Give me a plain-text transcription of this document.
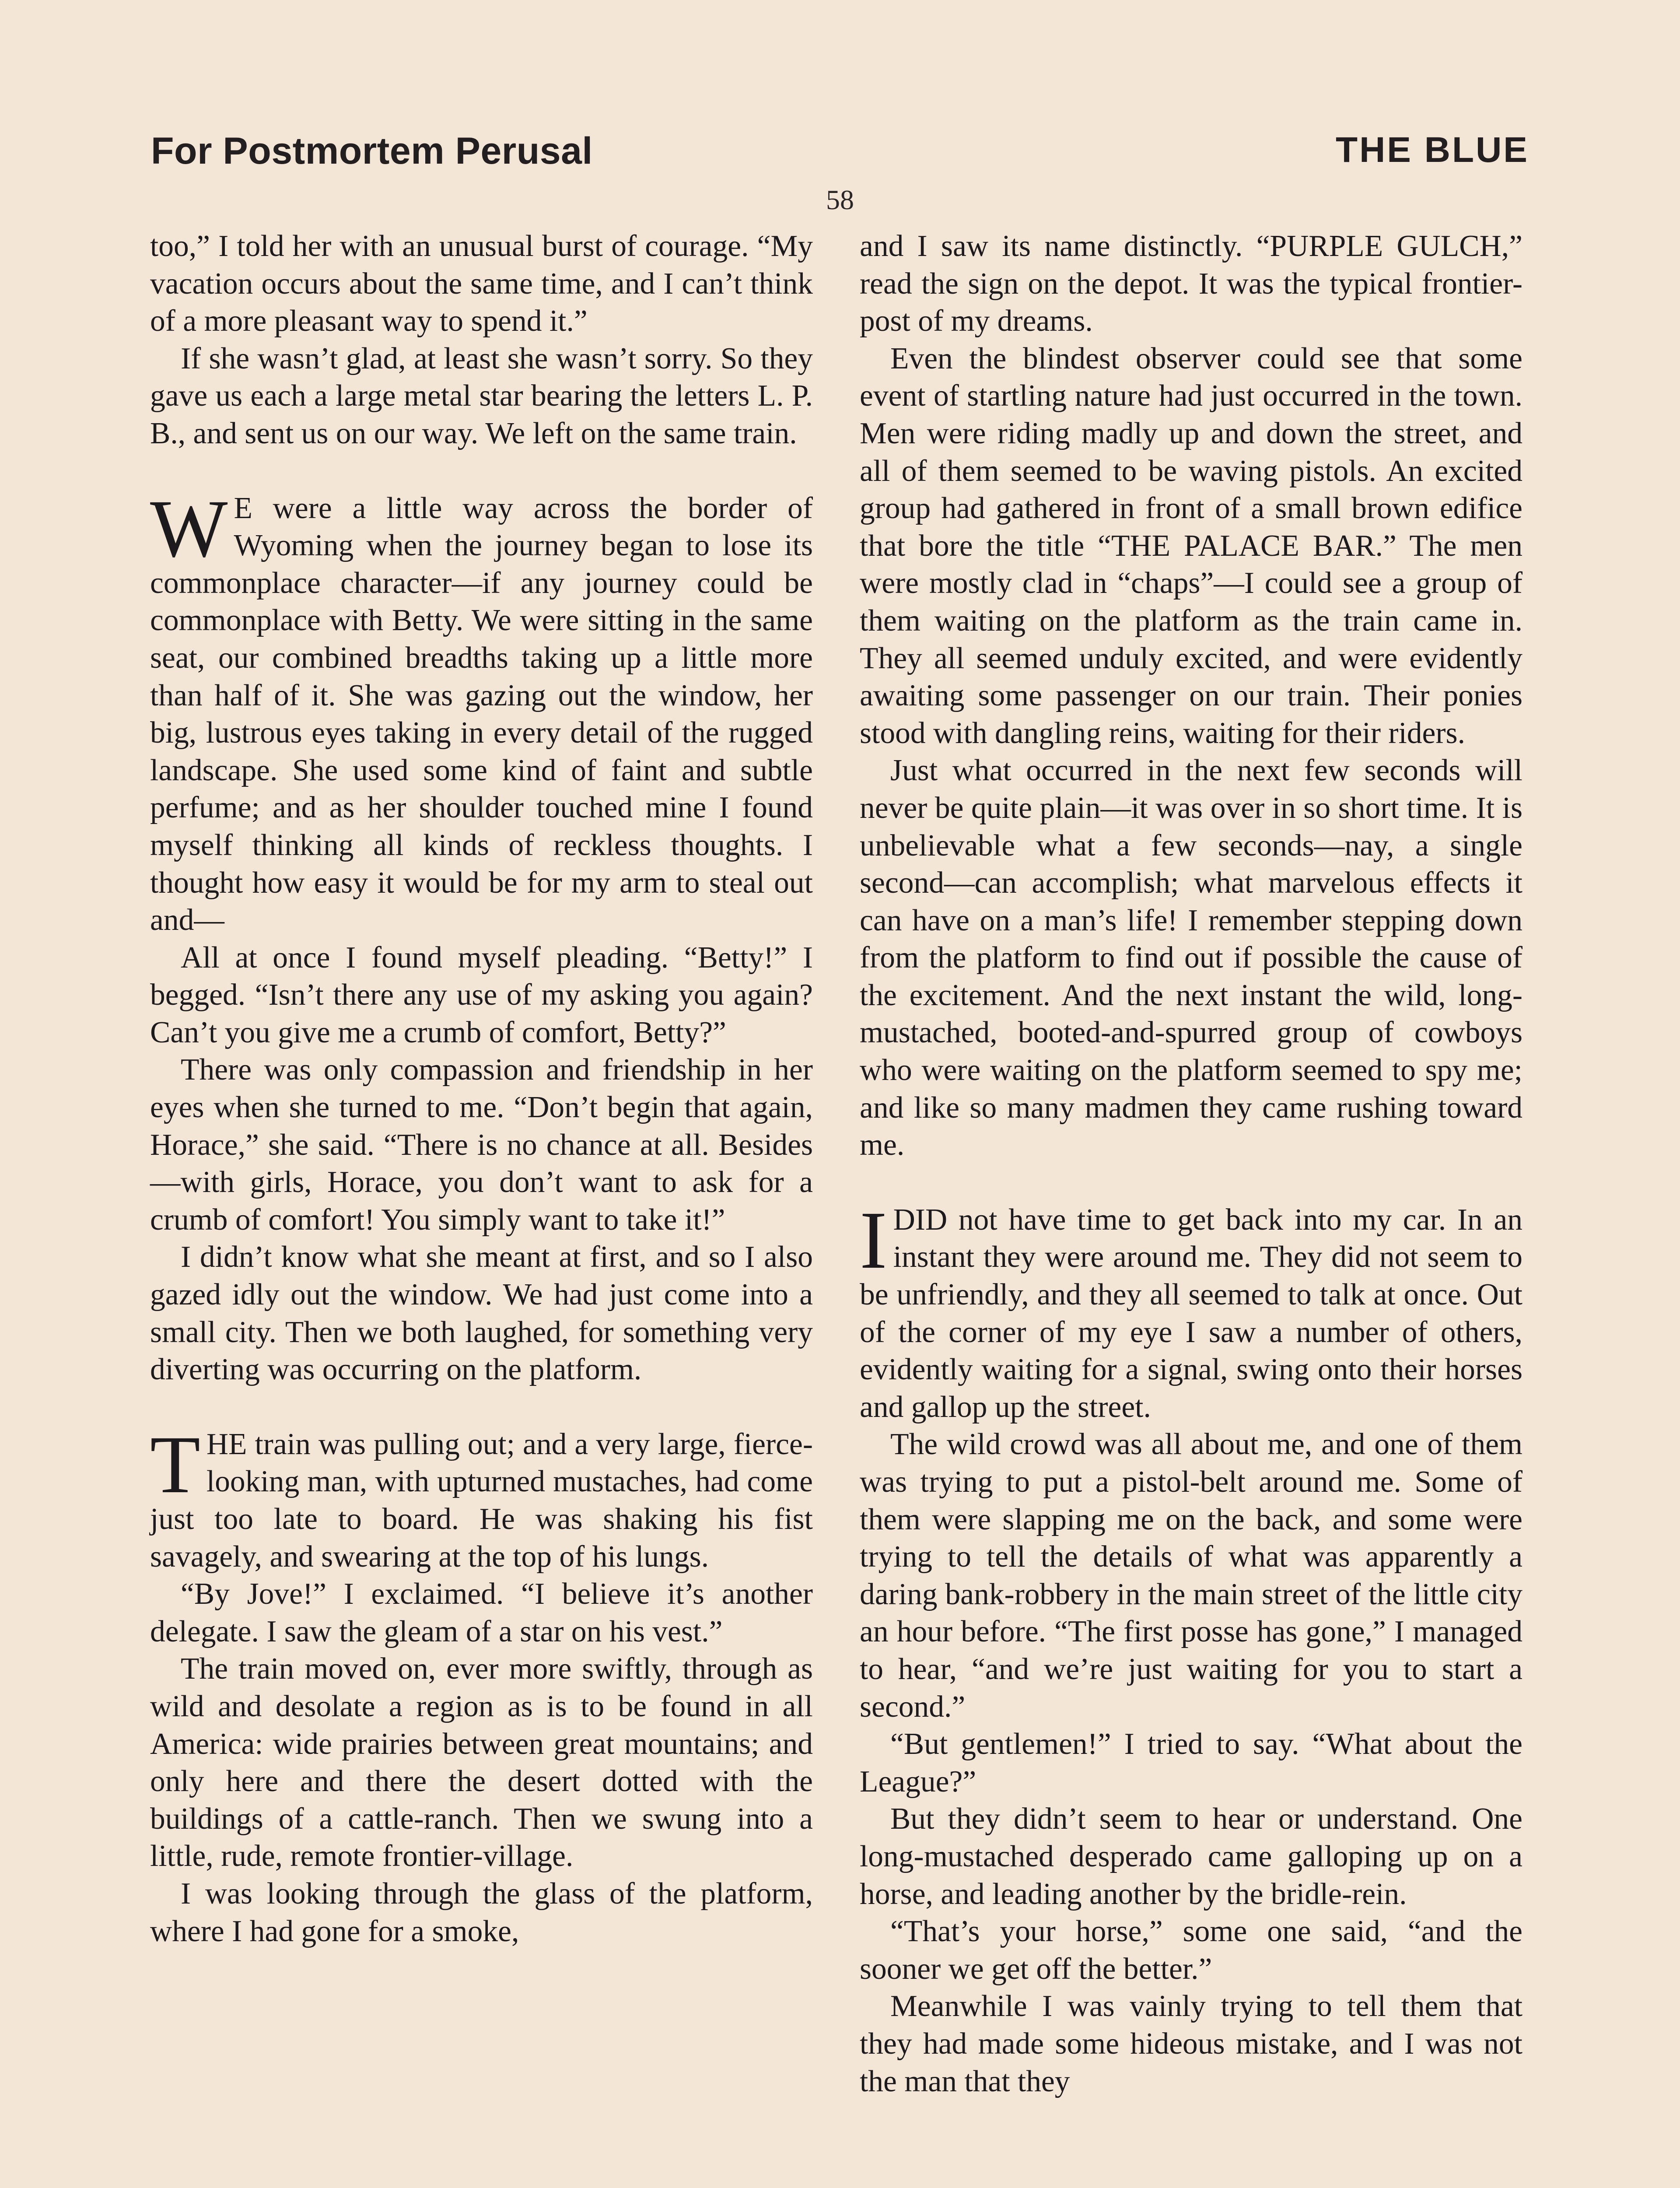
For Postmortem Perusal	THE BLUE
58

too,” I told her with an unusual burst of courage. “My vacation occurs about the same time, and I can’t think of a more pleasant way to spend it.”

If she wasn’t glad, at least she wasn’t sorry. So they gave us each a large metal star bearing the letters L. P. B., and sent us on our way. We left on the same train.

WE were a little way across the border of Wyoming when the journey began to lose its commonplace character—if any journey could be commonplace with Betty. We were sitting in the same seat, our combined breadths taking up a little more than half of it. She was gazing out the window, her big, lustrous eyes taking in every detail of the rugged landscape. She used some kind of faint and subtle perfume; and as her shoulder touched mine I found myself thinking all kinds of reckless thoughts. I thought how easy it would be for my arm to steal out and—

All at once I found myself pleading. “Betty!” I begged. “Isn’t there any use of my asking you again? Can’t you give me a crumb of comfort, Betty?”

There was only compassion and friendship in her eyes when she turned to me. “Don’t begin that again, Horace,” she said. “There is no chance at all. Besides —with girls, Horace, you don’t want to ask for a crumb of comfort! You simply want to take it!”

I didn’t know what she meant at first, and so I also gazed idly out the window. We had just come into a small city. Then we both laughed, for something very diverting was occurring on the platform.

THE train was pulling out; and a very large, fierce-looking man, with upturned mustaches, had come just too late to board. He was shaking his fist savagely, and swearing at the top of his lungs.

“By Jove!” I exclaimed. “I believe it’s another delegate. I saw the gleam of a star on his vest.”

The train moved on, ever more swiftly, through as wild and desolate a region as is to be found in all America: wide prairies between great mountains; and only here and there the desert dotted with the buildings of a cattle-ranch. Then we swung into a little, rude, remote frontier-village.

I was looking through the glass of the platform, where I had gone for a smoke,

and I saw its name distinctly. “PURPLE GULCH,” read the sign on the depot. It was the typical frontier-post of my dreams.

Even the blindest observer could see that some event of startling nature had just occurred in the town. Men were riding madly up and down the street, and all of them seemed to be waving pistols. An excited group had gathered in front of a small brown edifice that bore the title “THE PALACE BAR.” The men were mostly clad in “chaps”—I could see a group of them waiting on the platform as the train came in. They all seemed unduly excited, and were evidently awaiting some passenger on our train. Their ponies stood with dangling reins, waiting for their riders.

Just what occurred in the next few seconds will never be quite plain—it was over in so short time. It is unbelievable what a few seconds—nay, a single second—can accomplish; what marvelous effects it can have on a man’s life! I remember stepping down from the platform to find out if possible the cause of the excitement. And the next instant the wild, long-mustached, booted-and-spurred group of cowboys who were waiting on the platform seemed to spy me; and like so many madmen they came rushing toward me.

IDID not have time to get back into my car. In an instant they were around me. They did not seem to be unfriendly, and they all seemed to talk at once. Out of the corner of my eye I saw a number of others, evidently waiting for a signal, swing onto their horses and gallop up the street.

The wild crowd was all about me, and one of them was trying to put a pistol-belt around me. Some of them were slapping me on the back, and some were trying to tell the details of what was apparently a daring bank-robbery in the main street of the little city an hour before. “The first posse has gone,” I managed to hear, “and we’re just waiting for you to start a second.”

“But gentlemen!” I tried to say. “What about the League?”

But they didn’t seem to hear or understand. One long-mustached desperado came galloping up on a horse, and leading another by the bridle-rein.

“That’s your horse,” some one said, “and the sooner we get off the better.”

Meanwhile I was vainly trying to tell them that they had made some hideous mistake, and I was not the man that they
